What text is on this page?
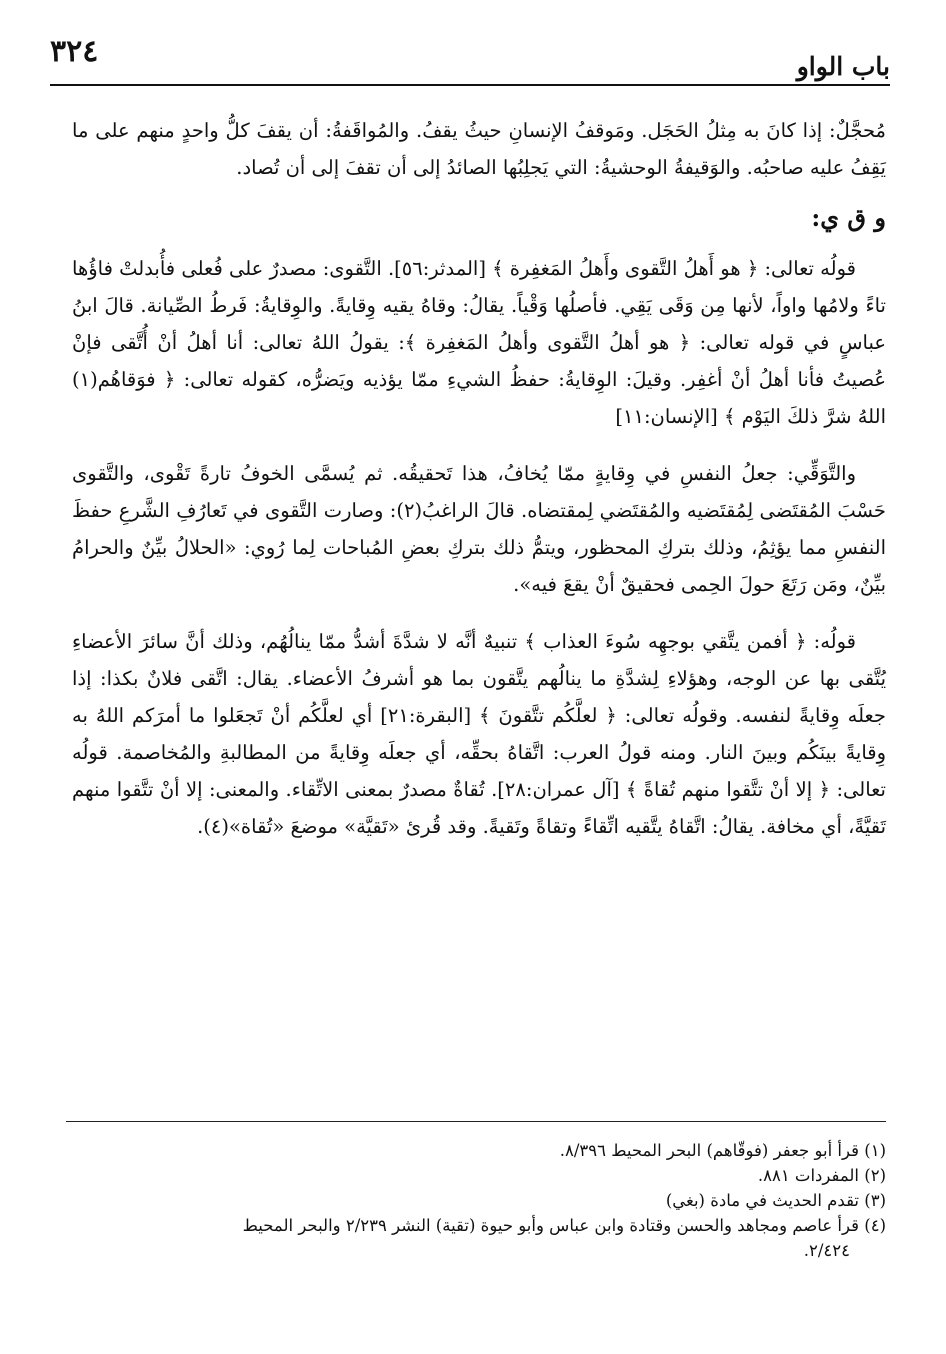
باب الواو
٣٢٤

مُحجَّلٌ: إذا كانَ به مِثلُ الحَجَل. ومَوقفُ الإنسانِ حيثُ يقفُ. والمُواقَفةُ: أن يقفَ كلُّ واحدٍ منهم على ما يَقِفُ عليه صاحبُه. والوَقيفةُ الوحشيةُ: التي يَجلِبُها الصائدُ إلى أن تقفَ إلى أن تُصاد.

و ق ي:

قولُه تعالى: ﴿ هو أَهلُ التَّقوى وأَهلُ المَغفِرة ﴾ [المدثر:٥٦]. التَّقوى: مصدرٌ على فُعلى فأُبدلتْ فاؤُها تاءً ولامُها واواً، لأنها مِن وَقَى يَقِي. فأصلُها وَقْياً. يقالُ: وقاهُ يقيه وِقايةً. والوِقايةُ: فَرطُ الصِّيانة. قالَ ابنُ عباسٍ في قوله تعالى: ﴿ هو أهلُ التَّقوى وأهلُ المَغفِرة ﴾: يقولُ اللهُ تعالى: أنا أهلُ أنْ أُتَّقى فإنْ عُصيتُ فأنا أهلُ أنْ أغفِر. وقيلَ: الوِقايةُ: حفظُ الشيءِ ممّا يؤذيه ويَضرُّه، كقوله تعالى: ﴿ فوَقاهُم(١) اللهُ شرَّ ذلكَ اليَوْم ﴾ [الإنسان:١١]

والتَّوَقِّي: جعلُ النفسِ في وِقايةٍ ممّا يُخافُ، هذا تَحقيقُه. ثم يُسمَّى الخوفُ تارةً تَقْوى، والتَّقوى حَسْبَ المُقتَضى لِمُقتَضيه والمُقتَضي لِمقتضاه. قالَ الراغبُ(٢): وصارت التَّقوى في تَعارُفِ الشَّرعِ حفظَ النفسِ مما يؤثِمُ، وذلك بتركِ المحظور، ويتمُّ ذلك بتركِ بعضِ المُباحات لِما رُوي: «الحلالُ بيِّنٌ والحرامُ بيِّنٌ، ومَن رَتَعَ حولَ الحِمى فحقيقٌ أنْ يقعَ فيه».

قولُه: ﴿ أفمن يتَّقي بوجهِه سُوءَ العذاب ﴾ تنبيهٌ أنَّه لا شدَّةَ أشدُّ ممّا ينالُهُم، وذلك أنَّ سائرَ الأعضاءِ يُتَّقى بها عن الوجه، وهؤلاءِ لِشدَّةِ ما ينالُهم يتَّقون بما هو أشرفُ الأعضاء. يقال: اتَّقى فلانٌ بكذا: إذا جعلَه وِقايةً لنفسه. وقولُه تعالى: ﴿ لعلَّكُم تتَّقونَ ﴾ [البقرة:٢١] أي لعلَّكُم أنْ تَجعَلوا ما أمرَكم اللهُ به وِقايةً بينَكُم وبينَ النار. ومنه قولُ العرب: اتَّقاهُ بحقِّه، أي جعلَه وِقايةً من المطالبةِ والمُخاصمة. قولُه تعالى: ﴿ إلا أنْ تتَّقوا منهم تُقاةً ﴾ [آل عمران:٢٨]. تُقاةٌ مصدرٌ بمعنى الاتِّقاء. والمعنى: إلا أنْ تتَّقوا منهم تَقيَّةً، أي مخافة. يقالُ: اتَّقاهُ يتَّقيه اتِّقاءً وتقاةً وتَقيةً. وقد قُرئ «تَقيَّة» موضعَ «تُقاة»(٤).

(١) قرأ أبو جعفر (فوقّاهم) البحر المحيط ٨/٣٩٦.

(٢) المفردات ٨٨١.

(٣) تقدم الحديث في مادة (بغي)

(٤) قرأ عاصم ومجاهد والحسن وقتادة وابن عباس وأبو حيوة (تقية) النشر ٢/٢٣٩ والبحر المحيط

٢/٤٢٤.
